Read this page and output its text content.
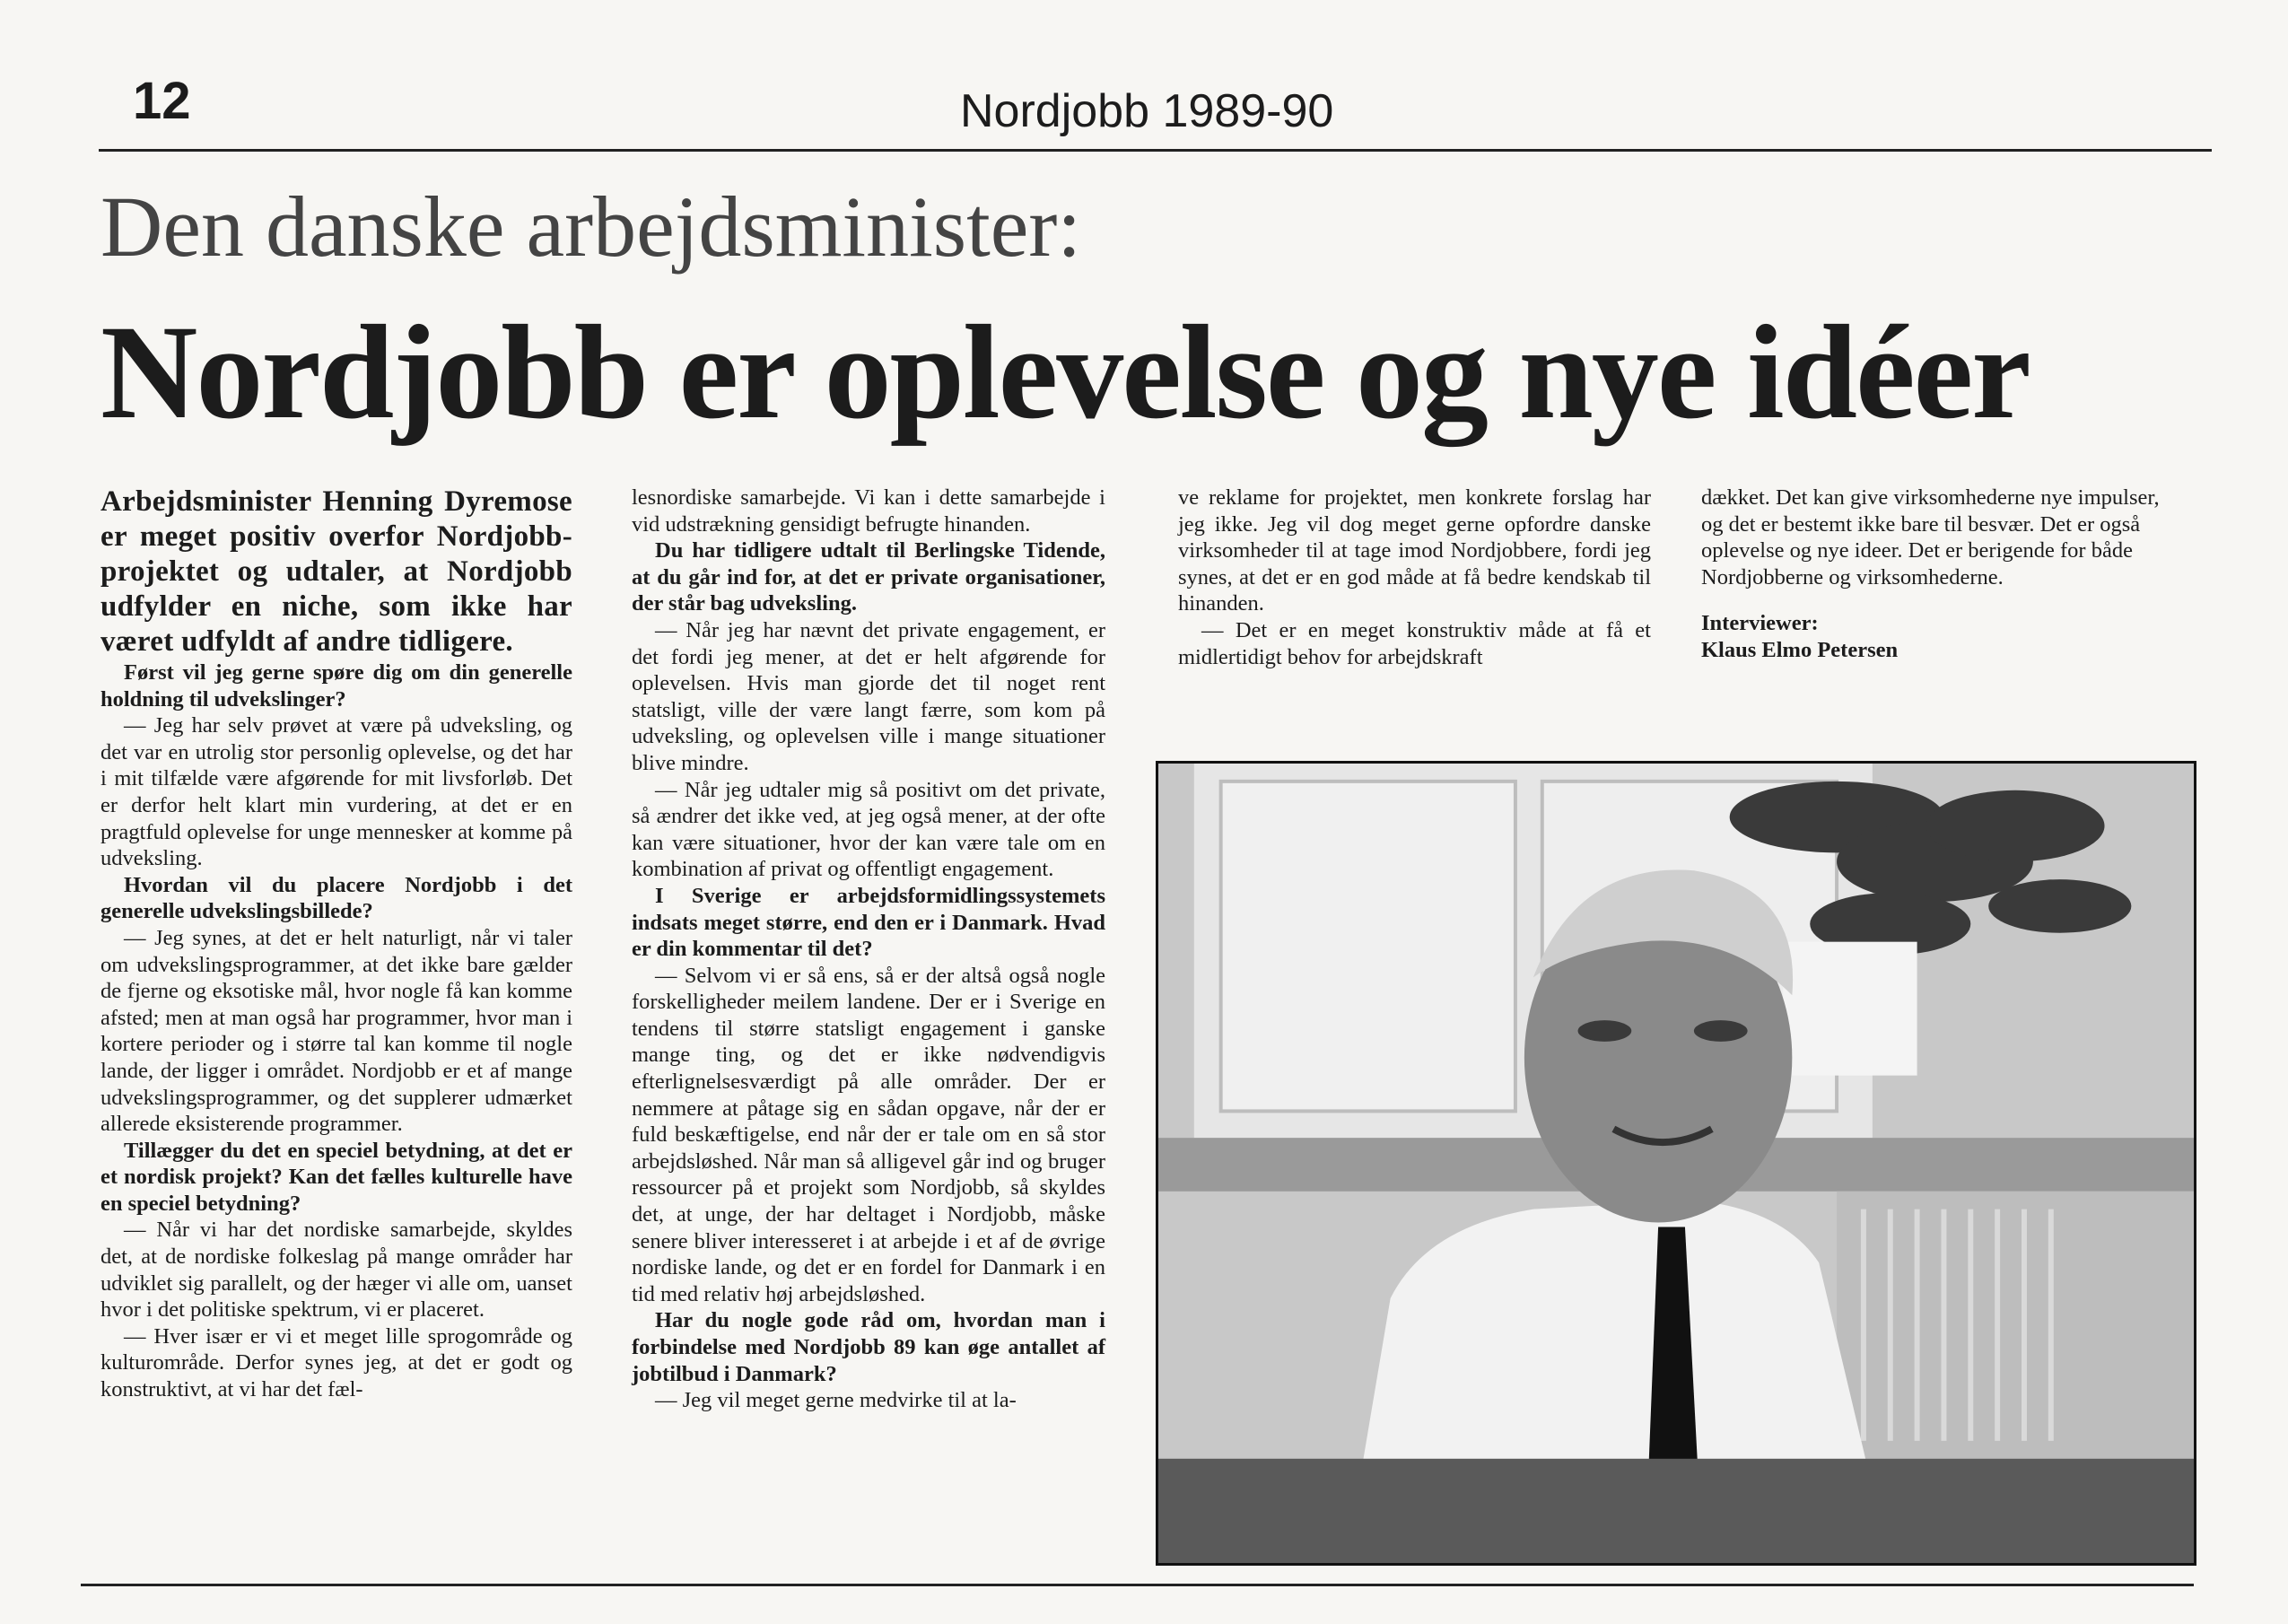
12	Nordjobb 1989-90
Den danske arbejdsminister:
Nordjobb er oplevelse og nye idéer

Arbejdsminister Henning Dyremose er meget positiv overfor Nordjobb-projektet og udtaler, at Nordjobb udfylder en niche, som ikke har været udfyldt af andre tidligere.

Først vil jeg gerne spøre dig om din generelle holdning til udvekslinger?

— Jeg har selv prøvet at være på udveksling, og det var en utrolig stor personlig oplevelse, og det har i mit tilfælde være afgørende for mit livsforløb. Det er derfor helt klart min vurdering, at det er en pragtfuld oplevelse for unge mennesker at komme på udveksling.

Hvordan vil du placere Nordjobb i det generelle udvekslingsbillede?

— Jeg synes, at det er helt naturligt, når vi taler om udvekslingsprogrammer, at det ikke bare gælder de fjerne og eksotiske mål, hvor nogle få kan komme afsted; men at man også har programmer, hvor man i kortere perioder og i større tal kan komme til nogle lande, der ligger i området. Nordjobb er et af mange udvekslingsprogrammer, og det supplerer udmærket allerede eksisterende programmer.

Tillægger du det en speciel betydning, at det er et nordisk projekt? Kan det fælles kulturelle have en speciel betydning?

— Når vi har det nordiske samarbejde, skyldes det, at de nordiske folkeslag på mange områder har udviklet sig parallelt, og der hæger vi alle om, uanset hvor i det politiske spektrum, vi er placeret.

— Hver især er vi et meget lille sprogområde og kulturområde. Derfor synes jeg, at det er godt og konstruktivt, at vi har det fæl-

lesnordiske samarbejde. Vi kan i dette samarbejde i vid udstrækning gensidigt befrugte hinanden.

Du har tidligere udtalt til Berlingske Tidende, at du går ind for, at det er private organisationer, der står bag udveksling.

— Når jeg har nævnt det private engagement, er det fordi jeg mener, at det er helt afgørende for oplevelsen. Hvis man gjorde det til noget rent statsligt, ville der være langt færre, som kom på udveksling, og oplevelsen ville i mange situationer blive mindre.

— Når jeg udtaler mig så positivt om det private, så ændrer det ikke ved, at jeg også mener, at der ofte kan være situationer, hvor der kan være tale om en kombination af privat og offentligt engagement.

I Sverige er arbejdsformidlingssystemets indsats meget større, end den er i Danmark. Hvad er din kommentar til det?

— Selvom vi er så ens, så er der altså også nogle forskelligheder meilem landene. Der er i Sverige en tendens til større statsligt engagement i ganske mange ting, og det er ikke nødvendigvis efterlignelsesværdigt på alle områder. Der er nemmere at påtage sig en sådan opgave, når der er fuld beskæftigelse, end når der er tale om en så stor arbejdsløshed. Når man så alligevel går ind og bruger ressourcer på et projekt som Nordjobb, så skyldes det, at unge, der har deltaget i Nordjobb, måske senere bliver interesseret i at arbejde i et af de øvrige nordiske lande, og det er en fordel for Danmark i en tid med relativ høj arbejdsløshed.

Har du nogle gode råd om, hvordan man i forbindelse med Nordjobb 89 kan øge antallet af jobtilbud i Danmark?

— Jeg vil meget gerne medvirke til at la-

ve reklame for projektet, men konkrete forslag har jeg ikke. Jeg vil dog meget gerne opfordre danske virksomheder til at tage imod Nordjobbere, fordi jeg synes, at det er en god måde at få bedre kendskab til hinanden.

— Det er en meget konstruktiv måde at få et midlertidigt behov for arbejdskraft

dækket. Det kan give virksomhederne nye impulser, og det er bestemt ikke bare til besvær. Det er også oplevelse og nye ideer. Det er berigende for både Nordjobberne og virksomhederne.

Interviewer:

Klaus Elmo Petersen
